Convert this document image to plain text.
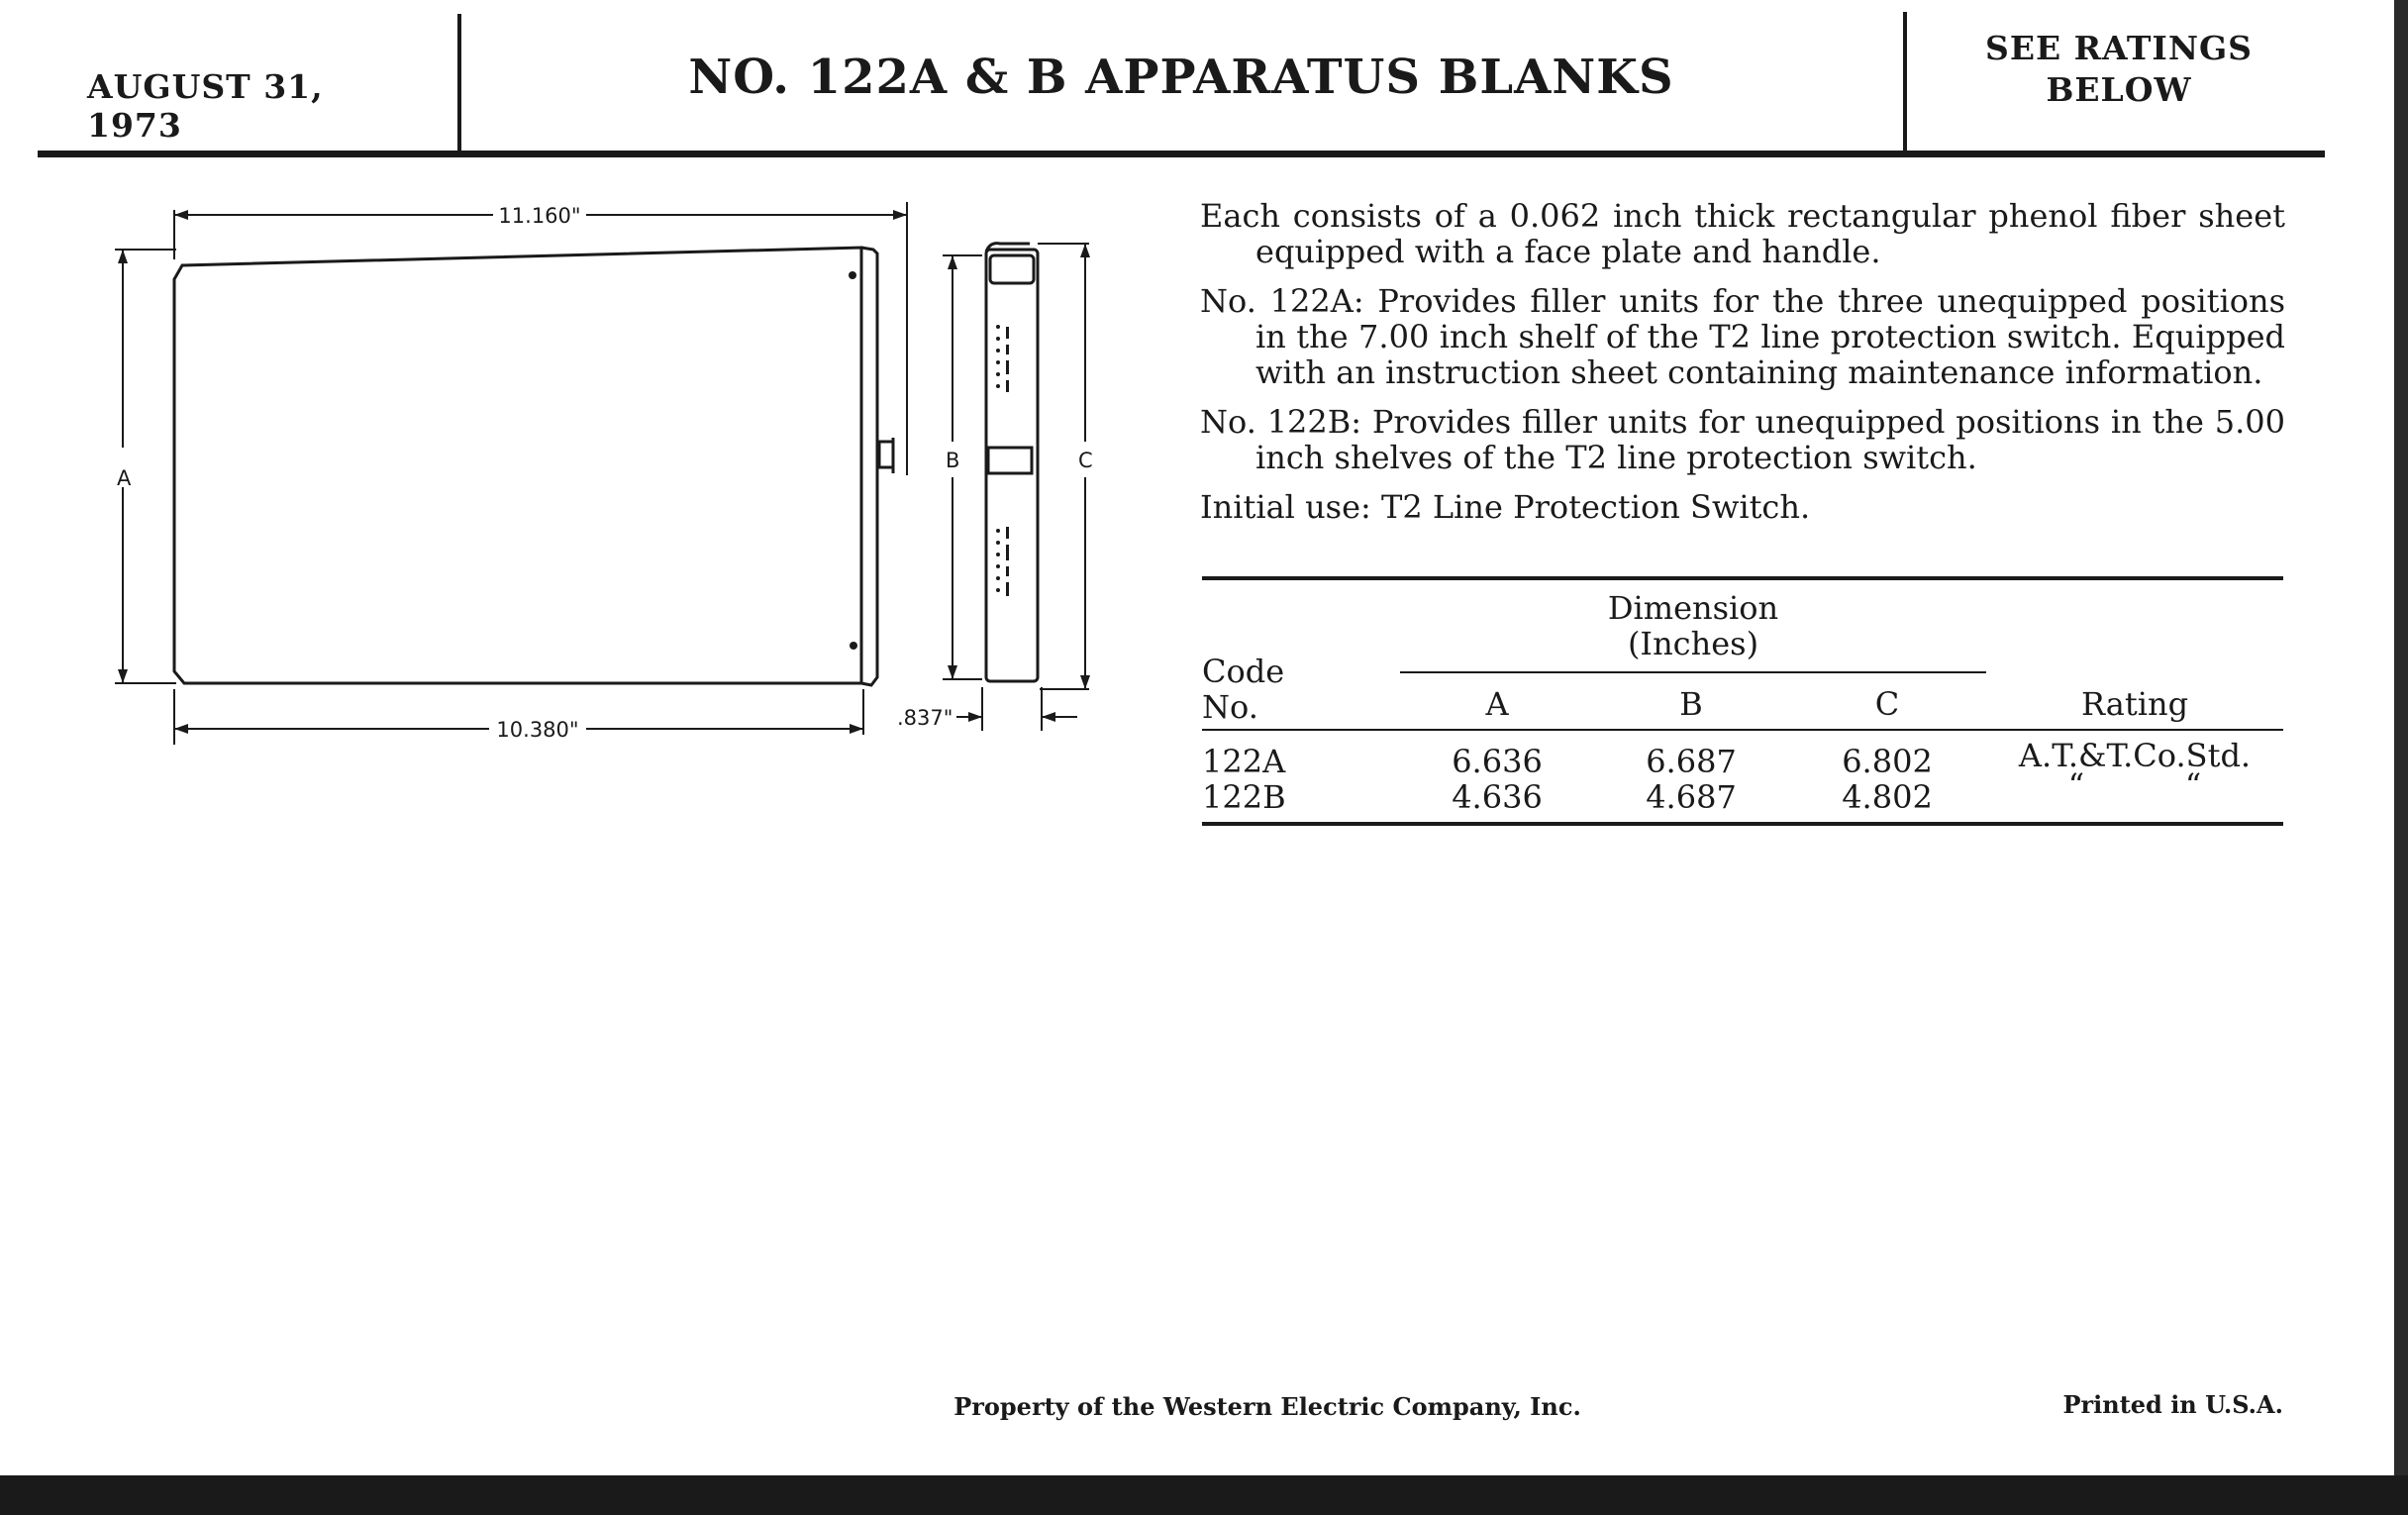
AUGUST 31, 1973
NO. 122A & B APPARATUS BLANKS
SEE RATINGS
BELOW
11.160"
10.380"
A
B	C
.837"

Each consists of a 0.062 inch thick rectangular phenol fiber sheet equipped with a face plate and handle.

No. 122A: Provides filler units for the three unequipped positions in the 7.00 inch shelf of the T2 line protection switch. Equipped with an instruction sheet containing maintenance information.

No. 122B: Provides filler units for unequipped positions in the 5.00 inch shelves of the T2 line protection switch.

Initial use: T2 Line Protection Switch.

Dimension
(Inches)
Code
No.	A	B	C	Rating
122A	6.636	6.687	6.802	A.T.&T.Co.Std.
122B	4.636	4.687	4.802	“          “
Property of the Western Electric Company, Inc.	Printed in U.S.A.
